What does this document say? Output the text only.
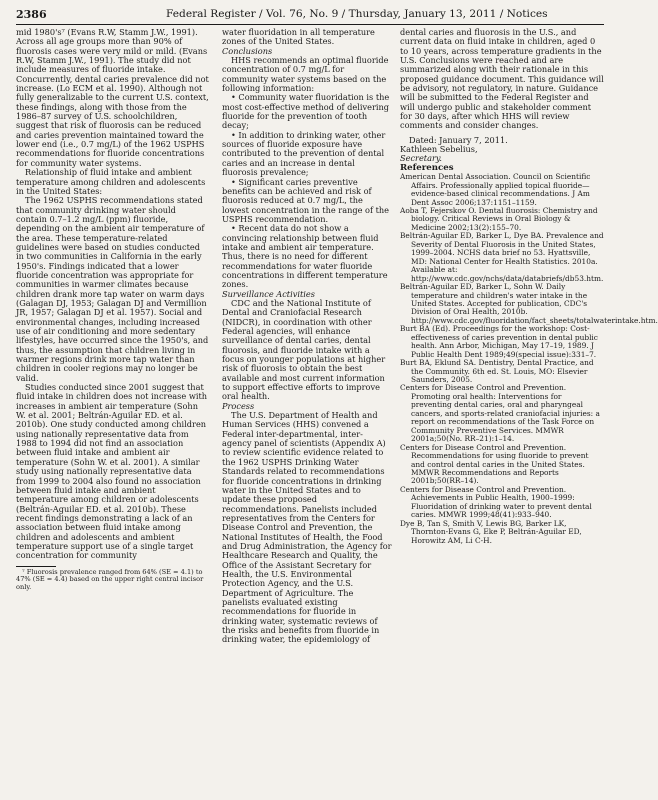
2386	Federal Register / Vol. 76, No. 9 / Thursday, January 13, 2011 / Notices

mid 1980's⁷ (Evans R.W, Stamm J.W., 1991). Across all age groups more than 90% of fluorosis cases were very mild or mild. (Evans R.W, Stamm J.W., 1991). The study did not include measures of fluoride intake. Concurrently, dental caries prevalence did not increase. (Lo ECM et al. 1990). Although not fully generalizable to the current U.S. context, these findings, along with those from the 1986–87 survey of U.S. schoolchildren, suggest that risk of fluorosis can be reduced and caries prevention maintained toward the lower end (i.e., 0.7 mg/L) of the 1962 USPHS recommendations for fluoride concentrations for community water systems.

Relationship of fluid intake and ambient temperature among children and adolescents in the United States:

The 1962 USPHS recommendations stated that community drinking water should contain 0.7–1.2 mg/L (ppm) fluoride, depending on the ambient air temperature of the area. These temperature-related guidelines were based on studies conducted in two communities in California in the early 1950's. Findings indicated that a lower fluoride concentration was appropriate for communities in warmer climates because children drank more tap water on warm days (Galagan DJ, 1953; Galagan DJ and Vermillion JR, 1957; Galagan DJ et al. 1957). Social and environmental changes, including increased use of air conditioning and more sedentary lifestyles, have occurred since the 1950's, and thus, the assumption that children living in warmer regions drink more tap water than children in cooler regions may no longer be valid.

Studies conducted since 2001 suggest that fluid intake in children does not increase with increases in ambient air temperature (Sohn W. et al. 2001; Beltrán-Aguilar ED. et al. 2010b). One study conducted among children using nationally representative data from 1988 to 1994 did not find an association between fluid intake and ambient air temperature (Sohn W. et al. 2001). A similar study using nationally representative data from 1999 to 2004 also found no association between fluid intake and ambient temperature among children or adolescents (Beltrán-Aguilar ED. et al. 2010b). These recent findings demonstrating a lack of an association between fluid intake among children and adolescents and ambient temperature support use of a single target concentration for community

⁷ Fluorosis prevalence ranged from 64% (SE = 4.1) to 47% (SE = 4.4) based on the upper right central incisor only.

water fluoridation in all temperature zones of the United States.

Conclusions

HHS recommends an optimal fluoride concentration of 0.7 mg/L for community water systems based on the following information:

• Community water fluoridation is the most cost-effective method of delivering fluoride for the prevention of tooth decay;

• In addition to drinking water, other sources of fluoride exposure have contributed to the prevention of dental caries and an increase in dental fluorosis prevalence;

• Significant caries preventive benefits can be achieved and risk of fluorosis reduced at 0.7 mg/L, the lowest concentration in the range of the USPHS recommendation.

• Recent data do not show a convincing relationship between fluid intake and ambient air temperature. Thus, there is no need for different recommendations for water fluoride concentrations in different temperature zones.

Surveillance Activities

CDC and the National Institute of Dental and Craniofacial Research (NIDCR), in coordination with other Federal agencies, will enhance surveillance of dental caries, dental fluorosis, and fluoride intake with a focus on younger populations at higher risk of fluorosis to obtain the best available and most current information to support effective efforts to improve oral health.

Process

The U.S. Department of Health and Human Services (HHS) convened a Federal inter-departmental, inter-agency panel of scientists (Appendix A) to review scientific evidence related to the 1962 USPHS Drinking Water Standards related to recommendations for fluoride concentrations in drinking water in the United States and to update these proposed recommendations. Panelists included representatives from the Centers for Disease Control and Prevention, the National Institutes of Health, the Food and Drug Administration, the Agency for Healthcare Research and Quality, the Office of the Assistant Secretary for Health, the U.S. Environmental Protection Agency, and the U.S. Department of Agriculture. The panelists evaluated existing recommendations for fluoride in drinking water, systematic reviews of the risks and benefits from fluoride in drinking water, the epidemiology of

dental caries and fluorosis in the U.S., and current data on fluid intake in children, aged 0 to 10 years, across temperature gradients in the U.S. Conclusions were reached and are summarized along with their rationale in this proposed guidance document. This guidance will be advisory, not regulatory, in nature. Guidance will be submitted to the Federal Register and will undergo public and stakeholder comment for 30 days, after which HHS will review comments and consider changes.

Dated: January 7, 2011.

Kathleen Sebelius,

Secretary.

References

American Dental Association. Council on Scientific Affairs. Professionally applied topical fluoride—evidence-based clinical recommendations. J Am Dent Assoc 2006;137:1151–1159.

Aoba T, Fejerskov O. Dental fluorosis: Chemistry and biology. Critical Reviews in Oral Biology & Medicine 2002;13(2):155–70.

Beltrán-Aguilar ED, Barker L, Dye BA. Prevalence and Severity of Dental Fluorosis in the United States, 1999–2004. NCHS data brief no 53. Hyattsville, MD: National Center for Health Statistics. 2010a. Available at: http://www.cdc.gov/nchs/data/databriefs/db53.htm.

Beltrán-Aguilar ED, Barker L, Sohn W. Daily temperature and children's water intake in the United States. Accepted for publication, CDC's Division of Oral Health, 2010b. http://www.cdc.gov/fluoridation/fact_sheets/totalwaterintake.htm.

Burt BA (Ed). Proceedings for the workshop: Cost-effectiveness of caries prevention in dental public health. Ann Arbor, Michigan, May 17–19, 1989. J Public Health Dent 1989;49(special issue):331–7.

Burt BA, Eklund SA. Dentistry, Dental Practice, and the Community. 6th ed. St. Louis, MO: Elsevier Saunders, 2005.

Centers for Disease Control and Prevention. Promoting oral health: Interventions for preventing dental caries, oral and pharyngeal cancers, and sports-related craniofacial injuries: a report on recommendations of the Task Force on Community Preventive Services. MMWR 2001a;50(No. RR–21):1–14.

Centers for Disease Control and Prevention. Recommendations for using fluoride to prevent and control dental caries in the United States. MMWR Recommendations and Reports 2001b;50(RR–14).

Centers for Disease Control and Prevention. Achievements in Public Health, 1900–1999: Fluoridation of drinking water to prevent dental caries. MMWR 1999;48(41):933–940.

Dye B, Tan S, Smith V, Lewis BG, Barker LK, Thornton-Evans G, Eke P, Beltrán-Aguilar ED, Horowitz AM, Li C-H.
